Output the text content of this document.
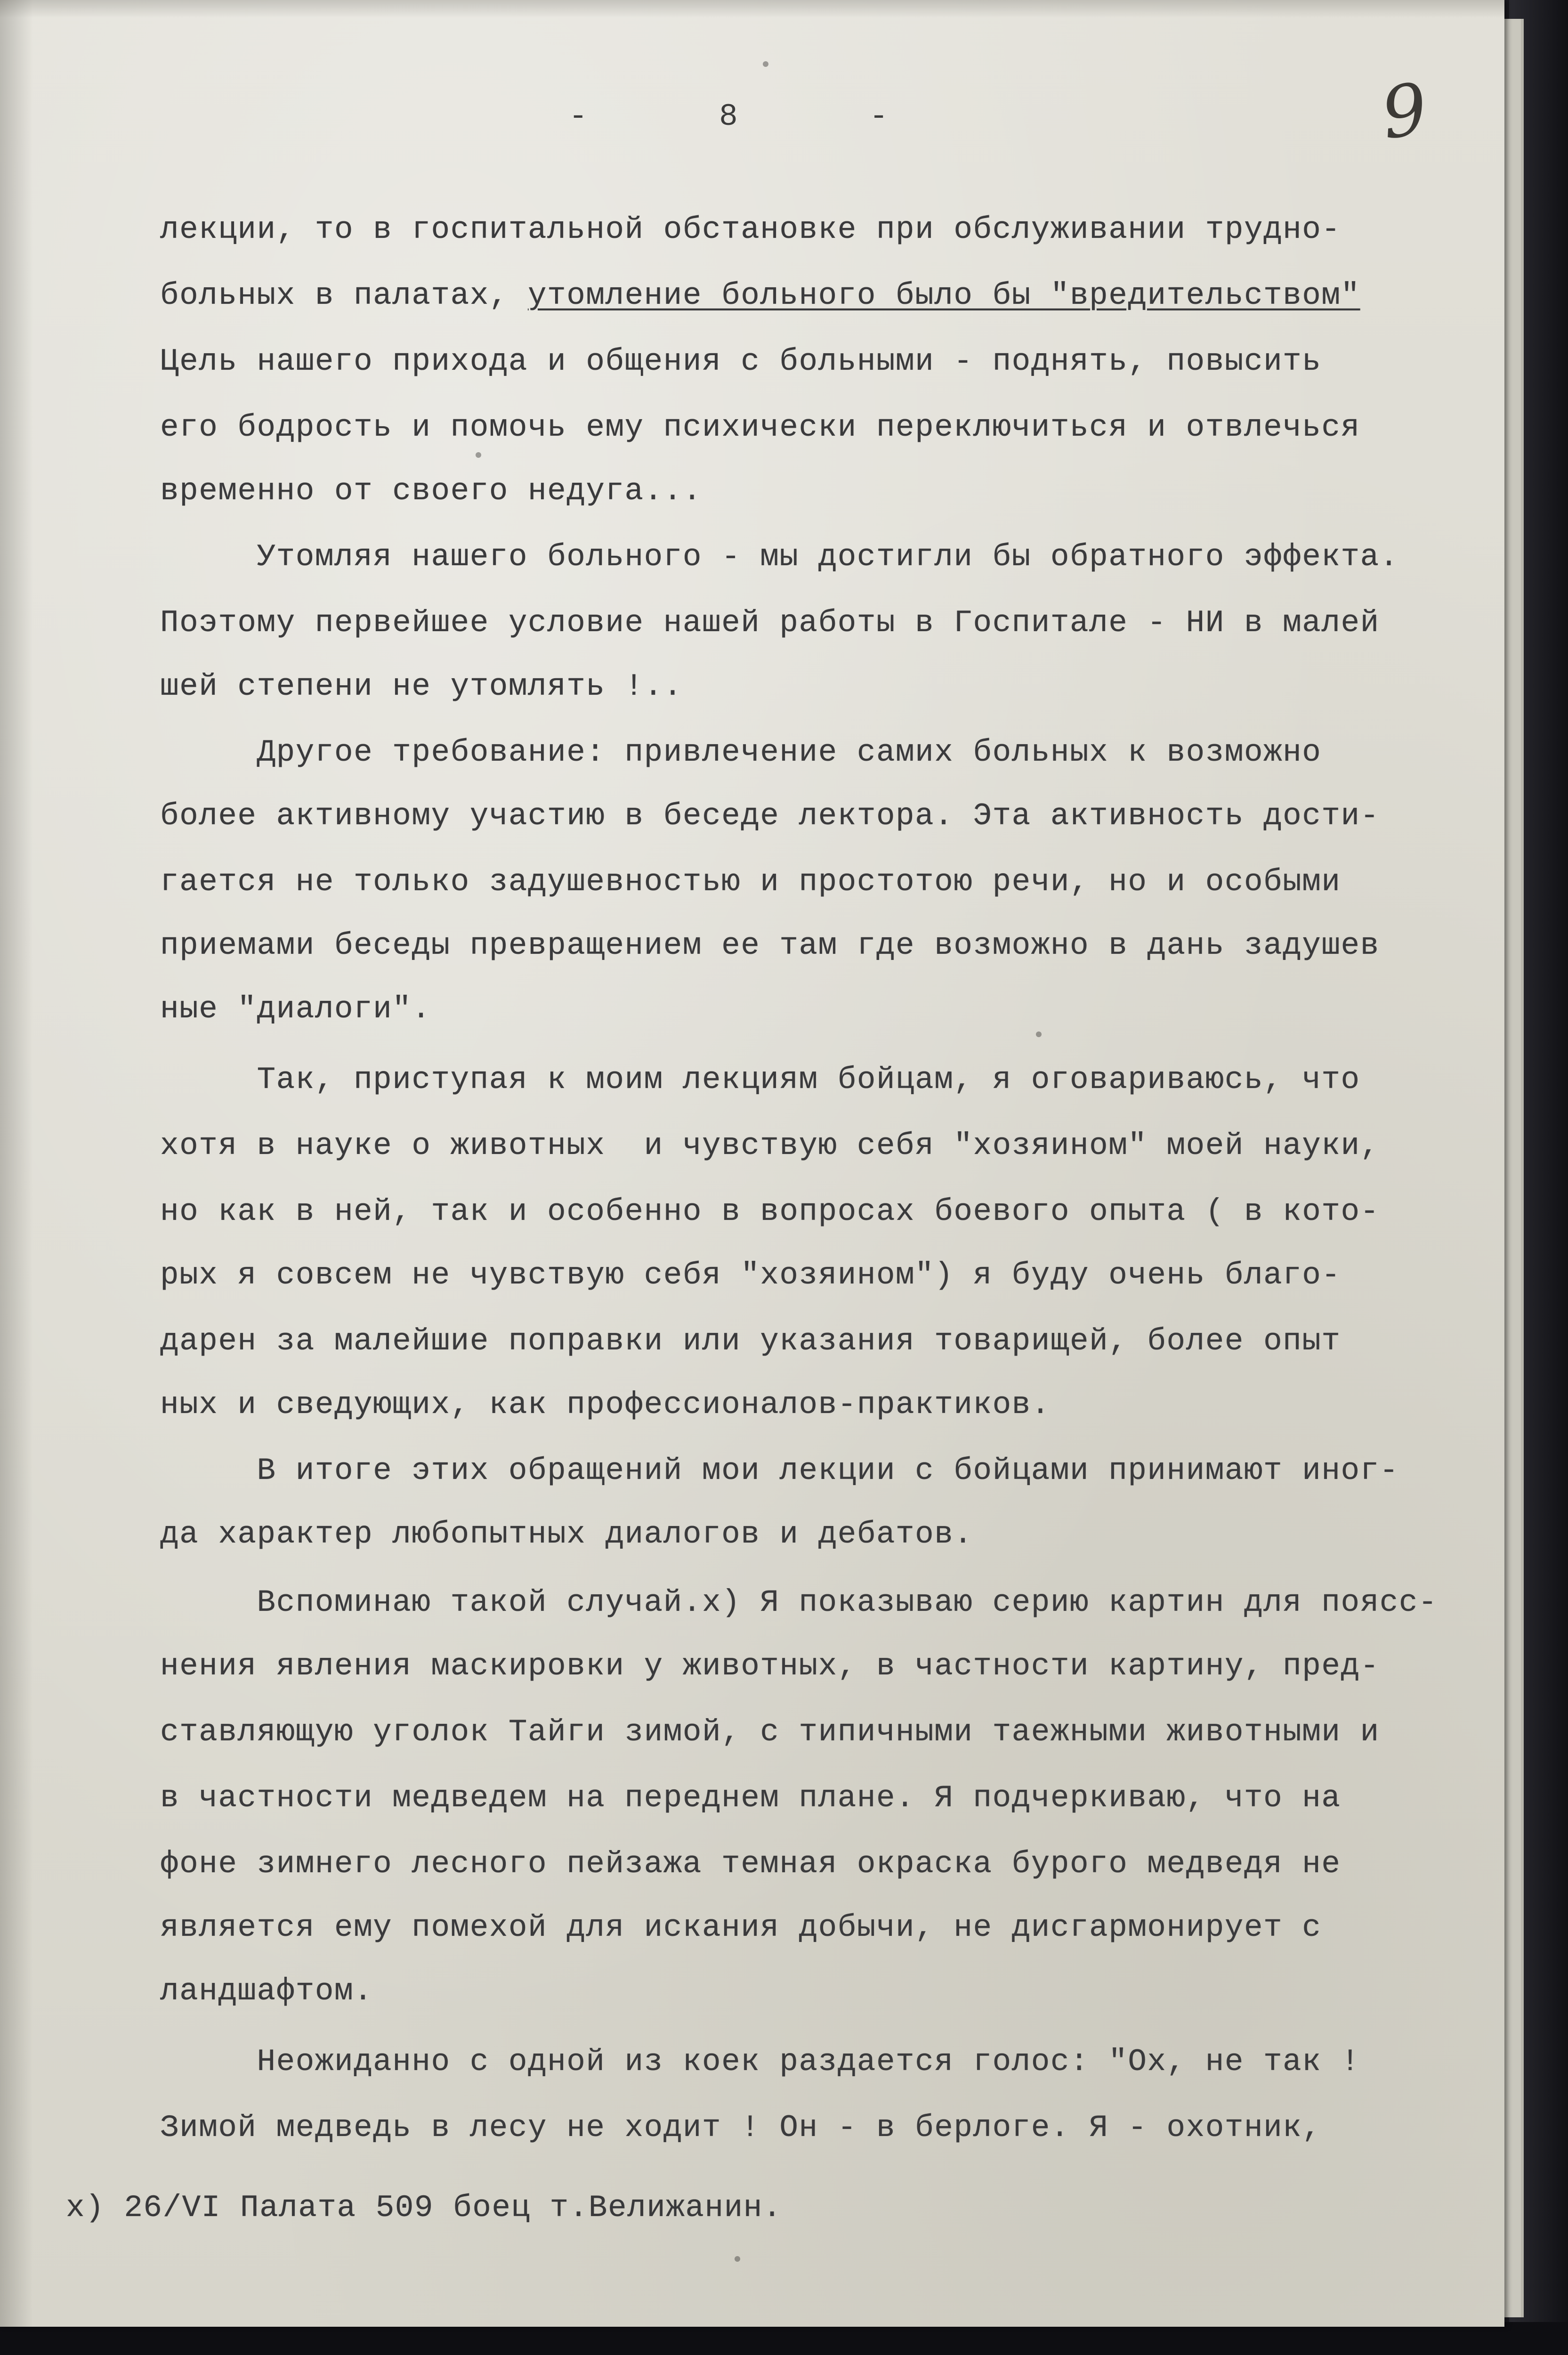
-      8      -	9
лекции, то в госпитальной обстановке при обслуживании трудно-
больных в палатах, утомление больного было бы "вредительством"
Цель нашего прихода и общения с больными - поднять, повысить
его бодрость и помочь ему психически переключиться и отвлечься
временно от своего недуга...
Утомляя нашего больного - мы достигли бы обратного эффекта.
Поэтому первейшее условие нашей работы в Госпитале - НИ в малей
шей степени не утомлять !..
Другое требование: привлечение самих больных к возможно
более активному участию в беседе лектора. Эта активность дости-
гается не только задушевностью и простотою речи, но и особыми
приемами беседы превращением ее там где возможно в дань задушев
ные "диалоги".
Так, приступая к моим лекциям бойцам, я оговариваюсь, что
хотя в науке о животных  и чувствую себя "хозяином" моей науки,
но как в ней, так и особенно в вопросах боевого опыта ( в кото-
рых я совсем не чувствую себя "хозяином") я буду очень благо-
дарен за малейшие поправки или указания товарищей, более опыт
ных и сведующих, как профессионалов-практиков.
В итоге этих обращений мои лекции с бойцами принимают иног-
да характер любопытных диалогов и дебатов.
Вспоминаю такой случай.х) Я показываю серию картин для поясс-
нения явления маскировки у животных, в частности картину, пред-
ставляющую уголок Тайги зимой, с типичными таежными животными и
в частности медведем на переднем плане. Я подчеркиваю, что на
фоне зимнего лесного пейзажа темная окраска бурого медведя не
является ему помехой для искания добычи, не дисгармонирует с
ландшафтом.
Неожиданно с одной из коек раздается голос: "Ох, не так !
Зимой медведь в лесу не ходит ! Он - в берлоге. Я - охотник,
х) 26/VI Палата 509 боец т.Велижанин.
